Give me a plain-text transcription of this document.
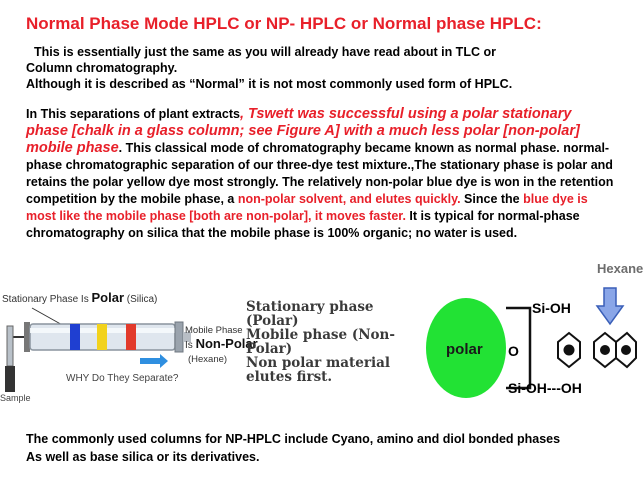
Normal Phase Mode HPLC or NP- HPLC or Normal phase HPLC:
This is essentially just the same as you will already have read about in TLC or
Column chromatography.
Although it is described as “Normal” it is not most commonly used form of HPLC.
In This separations of plant extracts, Tswett was successful using a polar stationary phase [chalk in a glass column; see Figure A] with a much less polar [non-polar] mobile phase. This classical mode of chromatography became known as normal phase. normal-phase chromatographic separation of our three-dye test mixture.,The stationary phase is polar and retains the polar yellow dye most strongly. The relatively non-polar blue dye is won in the retention competition by the mobile phase, a non-polar solvent, and elutes quickly. Since the blue dye is most like the mobile phase [both are non-polar], it moves faster. It is typical for normal-phase chromatography on silica that the mobile phase is 100% organic; no water is used.
Hexane
Stationary Phase Is Polar (Silica)
Sample
WHY Do They Separate?
Mobile Phase
Is Non-Polar
(Hexane)
Stationary phase
(Polar)
Mobile phase (Non-
Polar)
Non polar material
elutes first.
polar
Si-OH
O
Si-OH---OH
The commonly used columns for NP-HPLC include Cyano, amino and diol bonded phases
As well as base silica or its derivatives.
